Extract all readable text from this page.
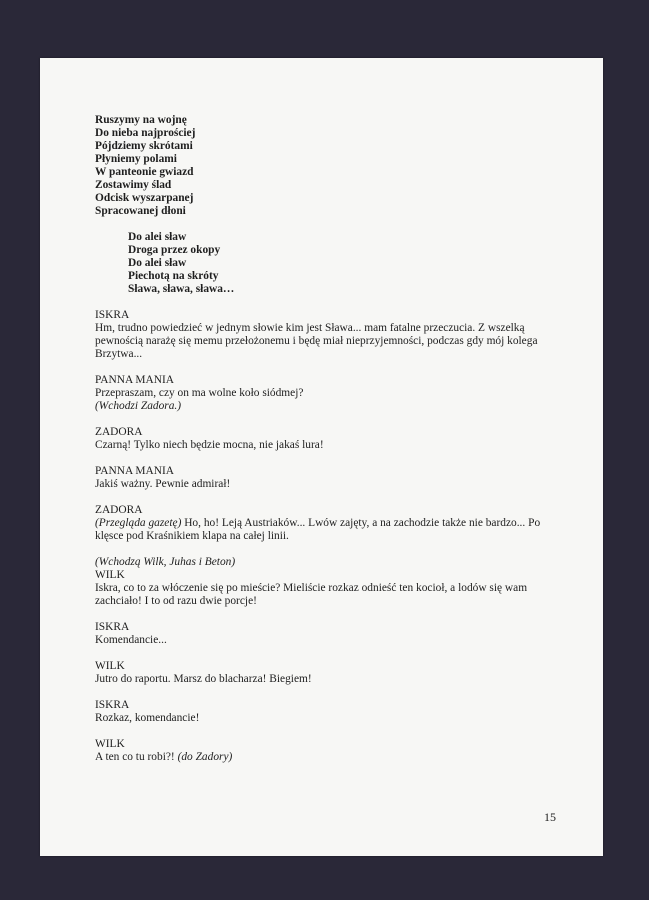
Ruszymy na wojnę
Do nieba najprościej
Pójdziemy skrótami
Płyniemy polami
W panteonie gwiazd
Zostawimy ślad
Odcisk wyszarpanej
Spracowanej dłoni
Do alei sław
Droga przez okopy
Do alei sław
Piechotą na skróty
Sława, sława, sława…
ISKRA
Hm, trudno powiedzieć w jednym słowie kim jest Sława... mam fatalne przeczucia. Z wszelką pewnością narażę się memu przełożonemu i będę miał nieprzyjemności, podczas gdy mój kolega Brzytwa...
PANNA MANIA
Przepraszam, czy on ma wolne koło siódmej?
(Wchodzi Zadora.)
ZADORA
Czarną! Tylko niech będzie mocna, nie jakaś lura!
PANNA MANIA
Jakiś ważny. Pewnie admirał!
ZADORA
(Przegląda gazetę) Ho, ho! Leją Austriaków... Lwów zajęty, a na zachodzie także nie bardzo... Po klęsce pod Kraśnikiem klapa na całej linii.
(Wchodzą Wilk, Juhas i Beton)
WILK
Iskra, co to za włóczenie się po mieście? Mieliście rozkaz odnieść ten kocioł, a lodów się wam zachciało! I to od razu dwie porcje!
ISKRA
Komendancie...
WILK
Jutro do raportu. Marsz do blacharza! Biegiem!
ISKRA
Rozkaz, komendancie!
WILK
A ten co tu robi?! (do Zadory)
15
